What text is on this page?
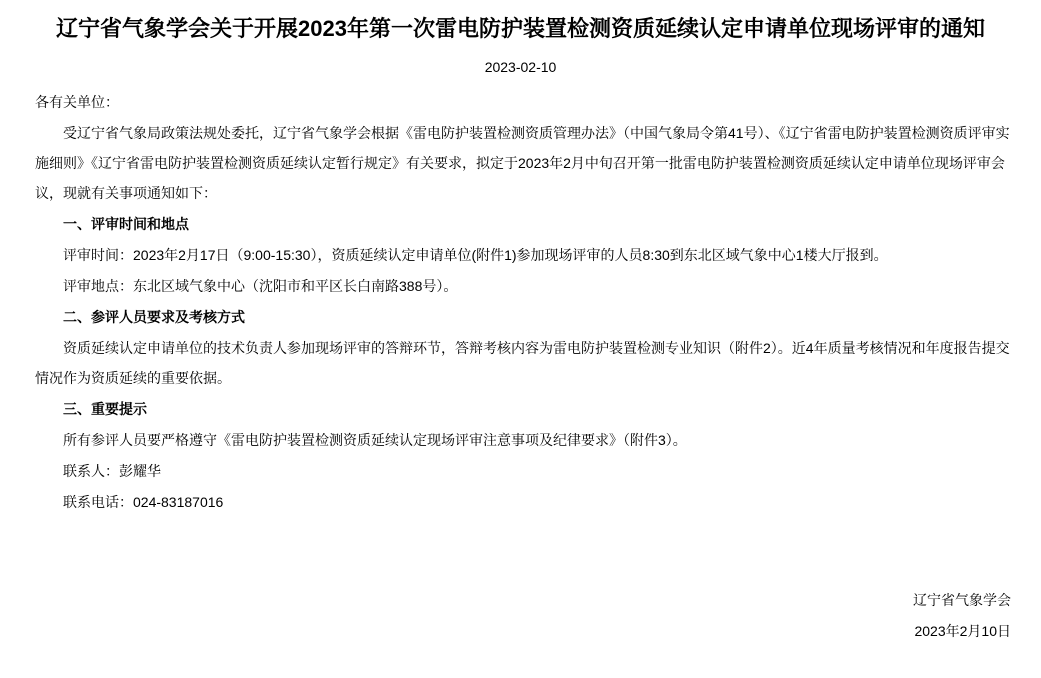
辽宁省气象学会关于开展2023年第一次雷电防护装置检测资质延续认定申请单位现场评审的通知
2023-02-10

各有关单位：

受辽宁省气象局政策法规处委托，辽宁省气象学会根据《雷电防护装置检测资质管理办法》（中国气象局令第41号）、《辽宁省雷电防护装置检测资质评审实施细则》《辽宁省雷电防护装置检测资质延续认定暂行规定》有关要求，拟定于2023年2月中旬召开第一批雷电防护装置检测资质延续认定申请单位现场评审会议，现就有关事项通知如下：

一、评审时间和地点

评审时间：2023年2月17日（9:00-15:30），资质延续认定申请单位(附件1)参加现场评审的人员8:30到东北区域气象中心1楼大厅报到。

评审地点：东北区域气象中心（沈阳市和平区长白南路388号）。

二、参评人员要求及考核方式

资质延续认定申请单位的技术负责人参加现场评审的答辩环节，答辩考核内容为雷电防护装置检测专业知识（附件2）。近4年质量考核情况和年度报告提交情况作为资质延续的重要依据。

三、重要提示

所有参评人员要严格遵守《雷电防护装置检测资质延续认定现场评审注意事项及纪律要求》（附件3）。

联系人：彭耀华

联系电话：024-83187016

辽宁省气象学会

2023年2月10日
